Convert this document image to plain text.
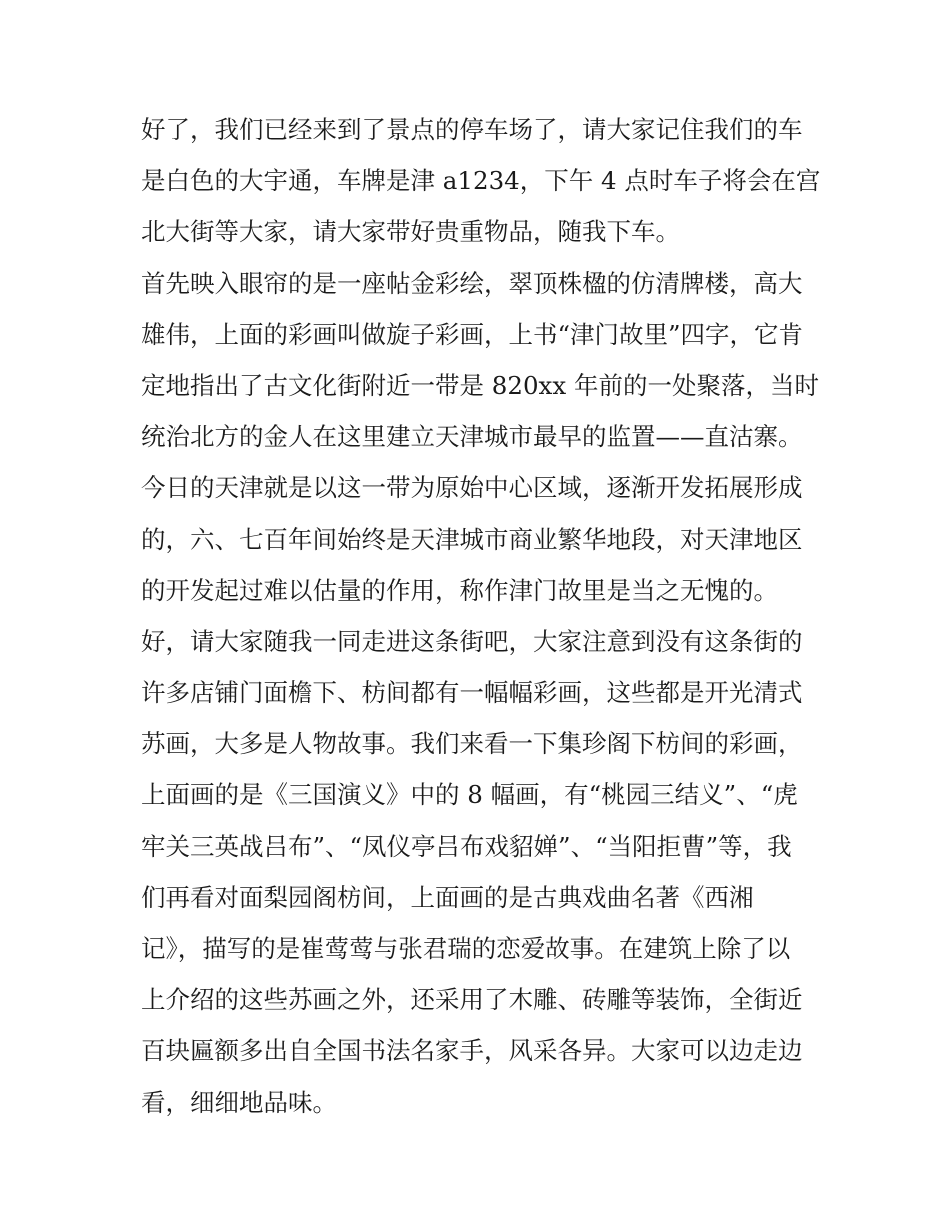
好了，我们已经来到了景点的停车场了，请大家记住我们的车
是白色的大宇通，车牌是津 a1234，下午 4 点时车子将会在宫
北大街等大家，请大家带好贵重物品，随我下车。
首先映入眼帘的是一座帖金彩绘，翠顶株楹的仿清牌楼，高大
雄伟，上面的彩画叫做旋子彩画，上书“津门故里”四字，它肯
定地指出了古文化街附近一带是 820xx 年前的一处聚落，当时
统治北方的金人在这里建立天津城市最早的监置——直沽寨。
今日的天津就是以这一带为原始中心区域，逐渐开发拓展形成
的，六、七百年间始终是天津城市商业繁华地段，对天津地区
的开发起过难以估量的作用，称作津门故里是当之无愧的。
好，请大家随我一同走进这条街吧，大家注意到没有这条街的
许多店铺门面檐下、枋间都有一幅幅彩画，这些都是开光清式
苏画，大多是人物故事。我们来看一下集珍阁下枋间的彩画，
上面画的是《三国演义》中的 8 幅画，有“桃园三结义”、“虎
牢关三英战吕布”、“凤仪亭吕布戏貂婵”、“当阳拒曹”等，我
们再看对面梨园阁枋间，上面画的是古典戏曲名著《西湘
记》，描写的是崔莺莺与张君瑞的恋爱故事。在建筑上除了以
上介绍的这些苏画之外，还采用了木雕、砖雕等装饰，全街近
百块匾额多出自全国书法名家手，风采各异。大家可以边走边
看，细细地品味。
